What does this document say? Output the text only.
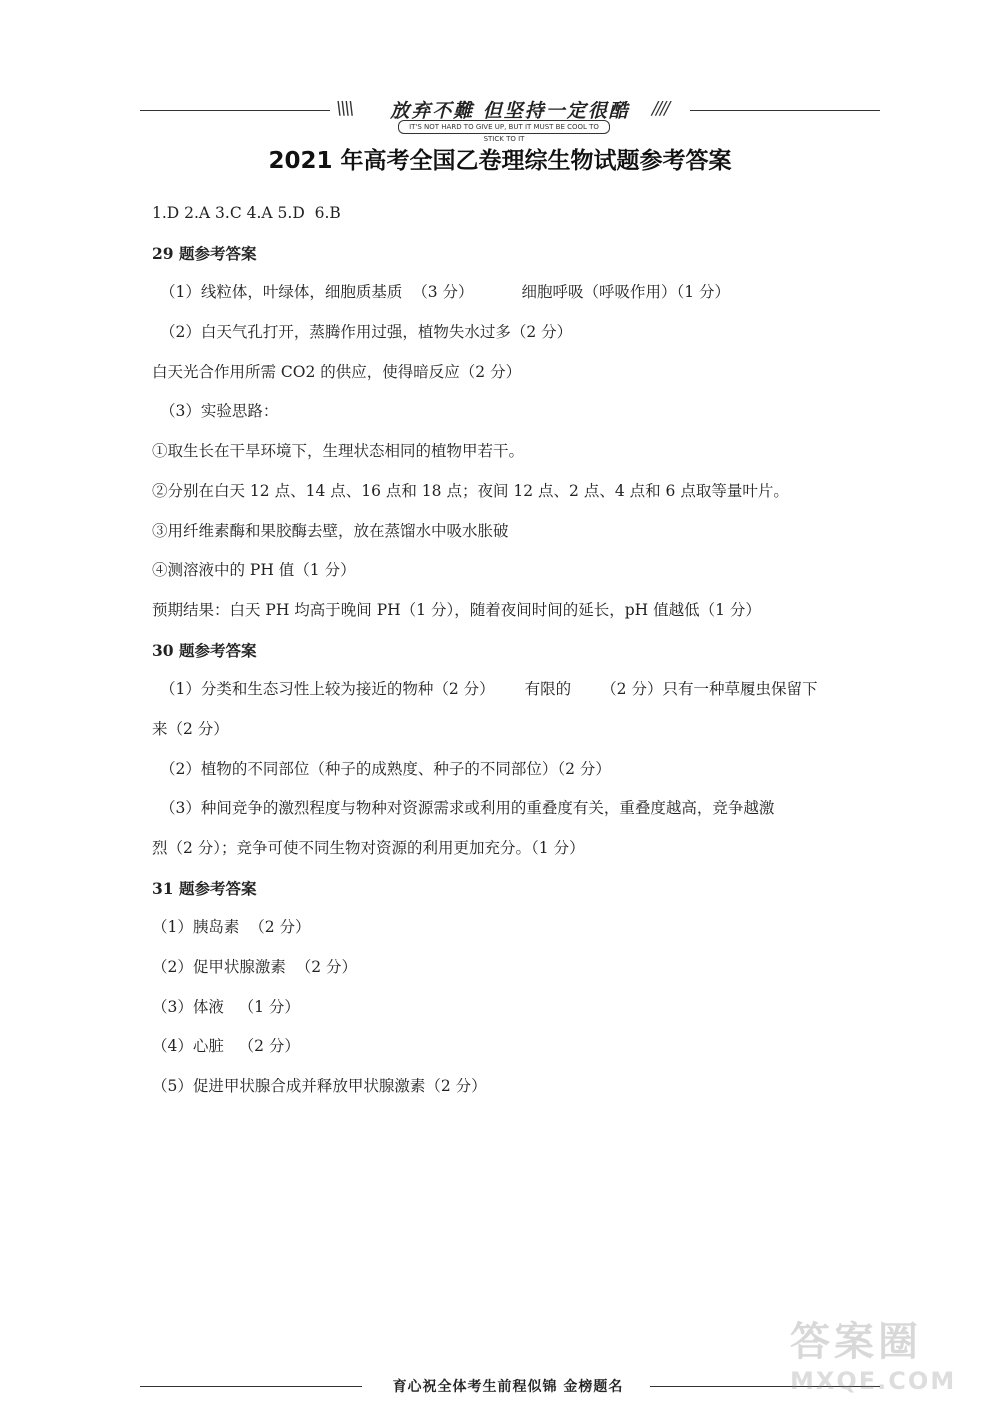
\\\\	放弃不難 但坚持一定很酷	////
IT'S NOT HARD TO GIVE UP, BUT IT MUST BE COOL TO STICK TO IT
2021 年高考全国乙卷理综生物试题参考答案
1.D 2.A 3.C 4.A 5.D  6.B
29 题参考答案
（1）线粒体，叶绿体，细胞质基质  （3 分）	细胞呼吸（呼吸作用）（1 分）
（2）白天气孔打开，蒸腾作用过强，植物失水过多（2 分）
白天光合作用所需 CO2 的供应，使得暗反应（2 分）
（3）实验思路：
①取生长在干旱环境下，生理状态相同的植物甲若干。
②分别在白天 12 点、14 点、16 点和 18 点；夜间 12 点、2 点、4 点和 6 点取等量叶片。
③用纤维素酶和果胶酶去壁，放在蒸馏水中吸水胀破
④测溶液中的 PH 值（1 分）
预期结果：白天 PH 均高于晚间 PH（1 分），随着夜间时间的延长，pH 值越低（1 分）
30 题参考答案
（1）分类和生态习性上较为接近的物种（2 分） 有限的 （2 分）只有一种草履虫保留下
来（2 分）
（2）植物的不同部位（种子的成熟度、种子的不同部位）（2 分）
（3）种间竞争的激烈程度与物种对资源需求或利用的重叠度有关，重叠度越高，竞争越激
烈（2 分）；竞争可使不同生物对资源的利用更加充分。（1 分）
31 题参考答案
（1）胰岛素  （2 分）
（2）促甲状腺激素  （2 分）
（3）体液   （1 分）
（4）心脏   （2 分）
（5）促进甲状腺合成并释放甲状腺激素（2 分）
育心祝全体考生前程似锦 金榜题名
答案圈
MXQE.COM
